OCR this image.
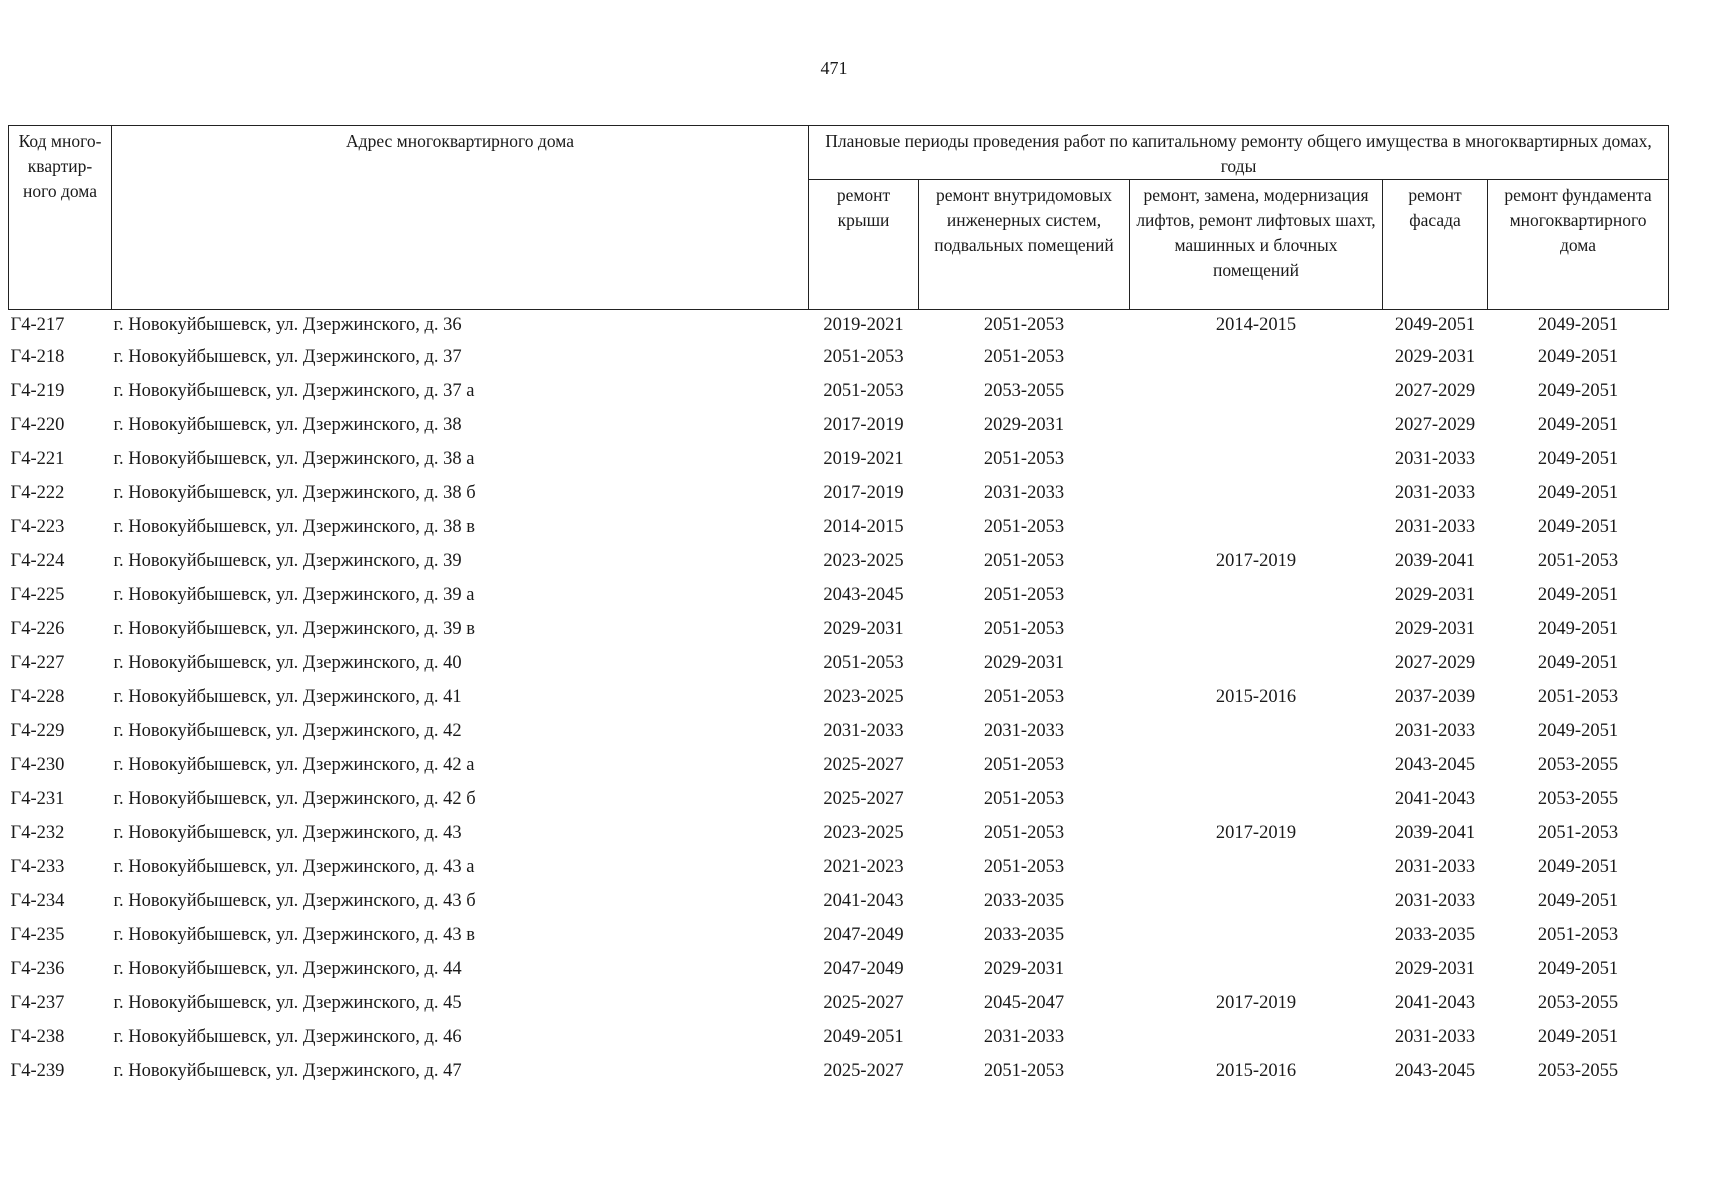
471
Код много-квартир-ного дома	Адрес многоквартирного дома	Плановые периоды проведения работ по капитальному ремонту общего имущества в многоквартирных домах, годы				
		ремонт крыши	ремонт внутридомовых инженерных систем, подвальных помещений	ремонт, замена, модернизация лифтов, ремонт лифтовых шахт, машинных и блочных помещений	ремонт фасада	ремонт фундамента многоквартирного дома
Г4-217	г. Новокуйбышевск, ул. Дзержинского, д. 36	2019-2021	2051-2053	2014-2015	2049-2051	2049-2051
Г4-218	г. Новокуйбышевск, ул. Дзержинского, д. 37	2051-2053	2051-2053		2029-2031	2049-2051
Г4-219	г. Новокуйбышевск, ул. Дзержинского, д. 37 а	2051-2053	2053-2055		2027-2029	2049-2051
Г4-220	г. Новокуйбышевск, ул. Дзержинского, д. 38	2017-2019	2029-2031		2027-2029	2049-2051
Г4-221	г. Новокуйбышевск, ул. Дзержинского, д. 38 а	2019-2021	2051-2053		2031-2033	2049-2051
Г4-222	г. Новокуйбышевск, ул. Дзержинского, д. 38 б	2017-2019	2031-2033		2031-2033	2049-2051
Г4-223	г. Новокуйбышевск, ул. Дзержинского, д. 38 в	2014-2015	2051-2053		2031-2033	2049-2051
Г4-224	г. Новокуйбышевск, ул. Дзержинского, д. 39	2023-2025	2051-2053	2017-2019	2039-2041	2051-2053
Г4-225	г. Новокуйбышевск, ул. Дзержинского, д. 39 а	2043-2045	2051-2053		2029-2031	2049-2051
Г4-226	г. Новокуйбышевск, ул. Дзержинского, д. 39 в	2029-2031	2051-2053		2029-2031	2049-2051
Г4-227	г. Новокуйбышевск, ул. Дзержинского, д. 40	2051-2053	2029-2031		2027-2029	2049-2051
Г4-228	г. Новокуйбышевск, ул. Дзержинского, д. 41	2023-2025	2051-2053	2015-2016	2037-2039	2051-2053
Г4-229	г. Новокуйбышевск, ул. Дзержинского, д. 42	2031-2033	2031-2033		2031-2033	2049-2051
Г4-230	г. Новокуйбышевск, ул. Дзержинского, д. 42 а	2025-2027	2051-2053		2043-2045	2053-2055
Г4-231	г. Новокуйбышевск, ул. Дзержинского, д. 42 б	2025-2027	2051-2053		2041-2043	2053-2055
Г4-232	г. Новокуйбышевск, ул. Дзержинского, д. 43	2023-2025	2051-2053	2017-2019	2039-2041	2051-2053
Г4-233	г. Новокуйбышевск, ул. Дзержинского, д. 43 а	2021-2023	2051-2053		2031-2033	2049-2051
Г4-234	г. Новокуйбышевск, ул. Дзержинского, д. 43 б	2041-2043	2033-2035		2031-2033	2049-2051
Г4-235	г. Новокуйбышевск, ул. Дзержинского, д. 43 в	2047-2049	2033-2035		2033-2035	2051-2053
Г4-236	г. Новокуйбышевск, ул. Дзержинского, д. 44	2047-2049	2029-2031		2029-2031	2049-2051
Г4-237	г. Новокуйбышевск, ул. Дзержинского, д. 45	2025-2027	2045-2047	2017-2019	2041-2043	2053-2055
Г4-238	г. Новокуйбышевск, ул. Дзержинского, д. 46	2049-2051	2031-2033		2031-2033	2049-2051
Г4-239	г. Новокуйбышевск, ул. Дзержинского, д. 47	2025-2027	2051-2053	2015-2016	2043-2045	2053-2055
